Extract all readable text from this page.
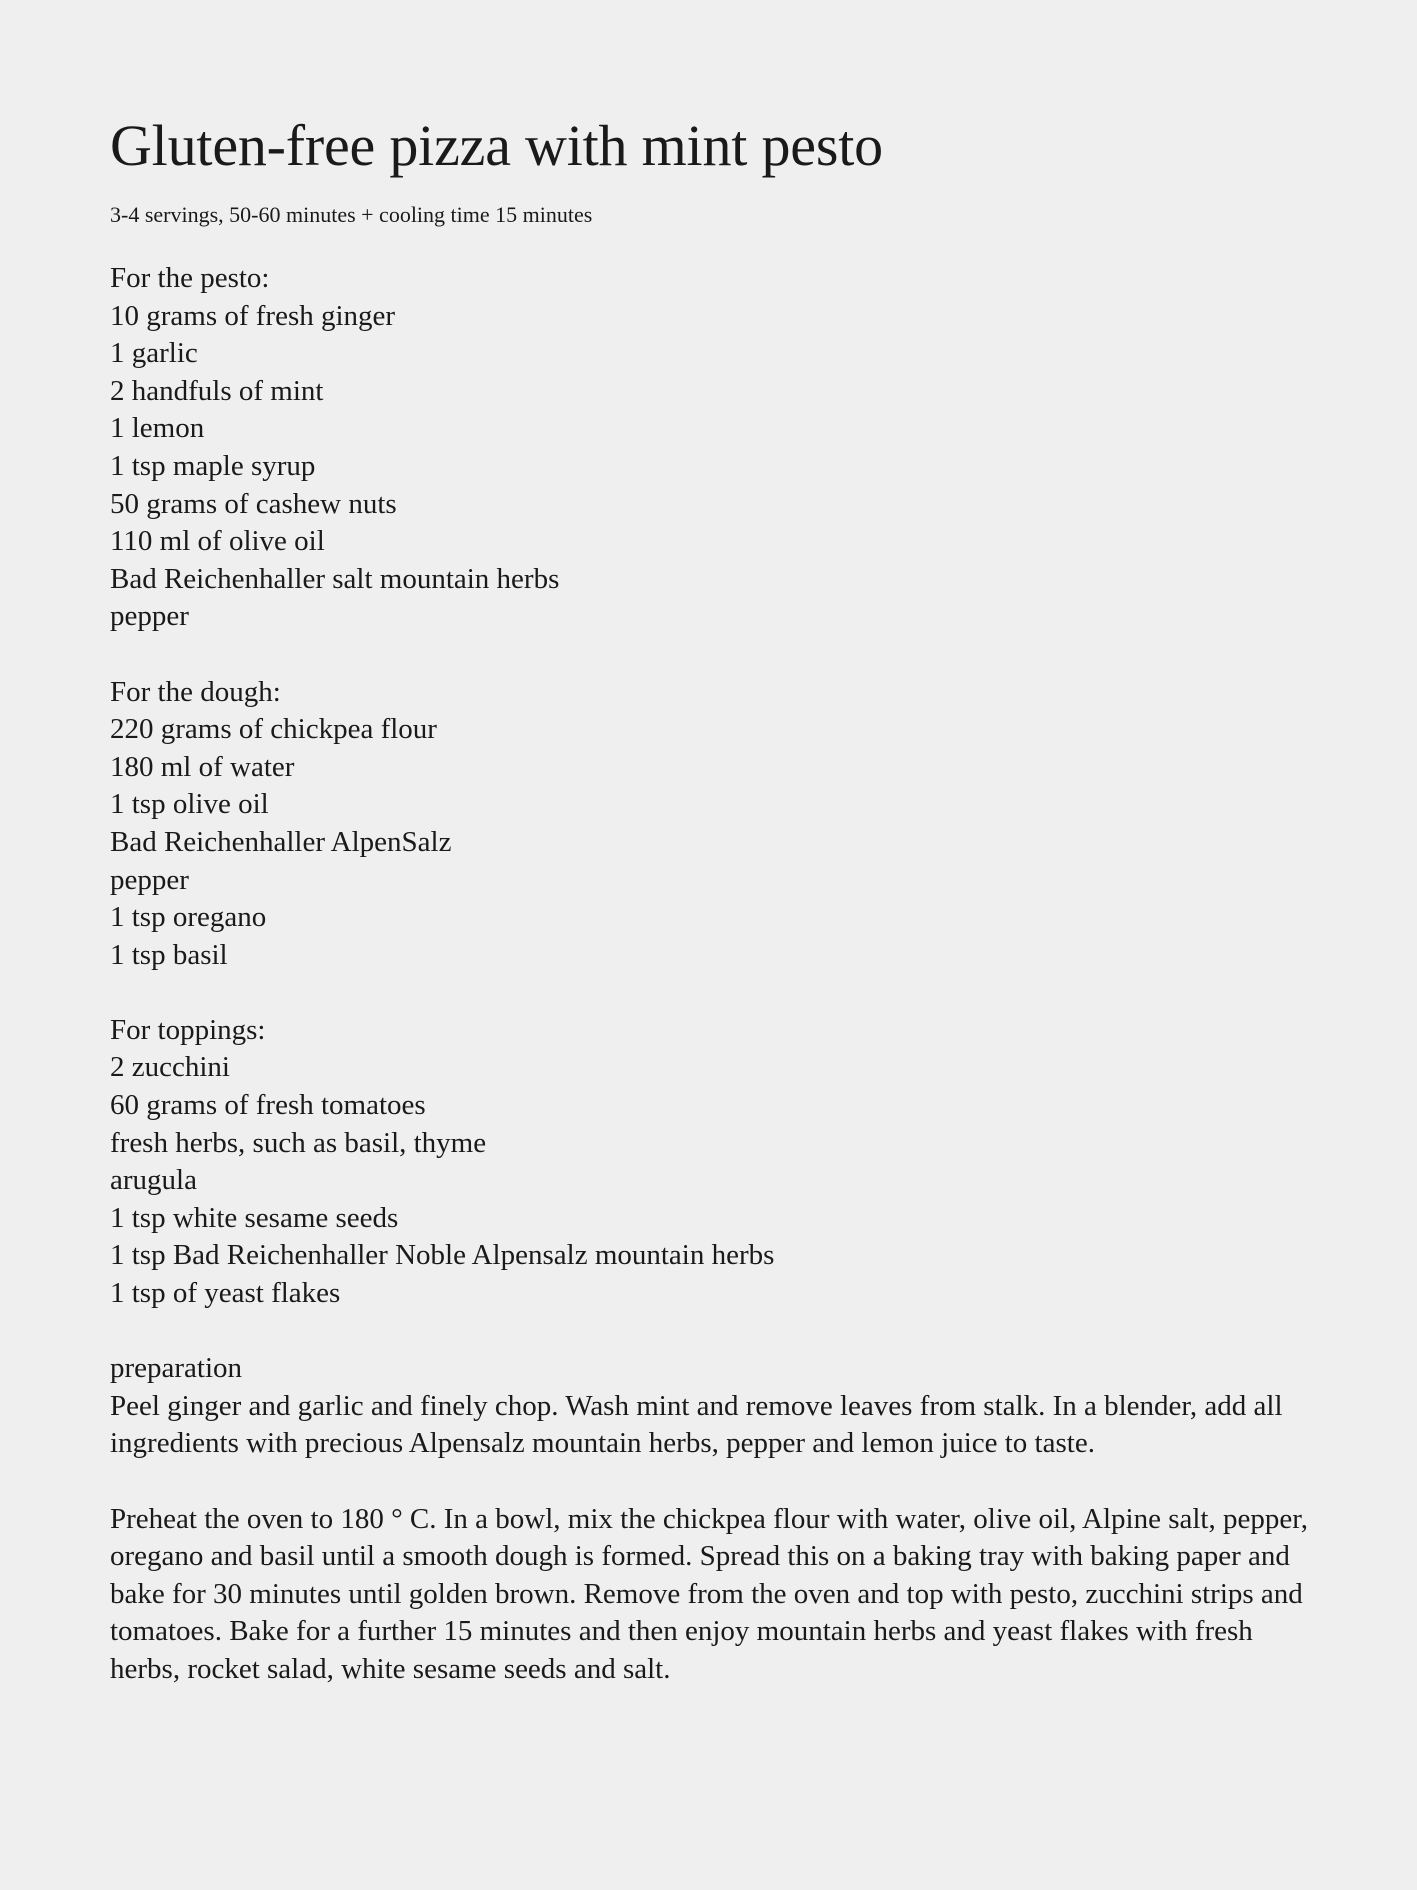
Gluten-free pizza with mint pesto
3-4 servings, 50-60 minutes + cooling time 15 minutes
For the pesto:
10 grams of fresh ginger
1 garlic
2 handfuls of mint
1 lemon
1 tsp maple syrup
50 grams of cashew nuts
110 ml of olive oil
Bad Reichenhaller salt mountain herbs
pepper
For the dough:
220 grams of chickpea flour
180 ml of water
1 tsp olive oil
Bad Reichenhaller AlpenSalz
pepper
1 tsp oregano
1 tsp basil
For toppings:
2 zucchini
60 grams of fresh tomatoes
fresh herbs, such as basil, thyme
arugula
1 tsp white sesame seeds
1 tsp Bad Reichenhaller Noble Alpensalz mountain herbs
1 tsp of yeast flakes
preparation

Peel ginger and garlic and finely chop. Wash mint and remove leaves from stalk. In a blender, add all ingredients with precious Alpensalz mountain herbs, pepper and lemon juice to taste.

Preheat the oven to 180 ° C. In a bowl, mix the chickpea flour with water, olive oil, Alpine salt, pepper, oregano and basil until a smooth dough is formed. Spread this on a baking tray with baking paper and bake for 30 minutes until golden brown. Remove from the oven and top with pesto, zucchini strips and tomatoes. Bake for a further 15 minutes and then enjoy mountain herbs and yeast flakes with fresh herbs, rocket salad, white sesame seeds and salt.
